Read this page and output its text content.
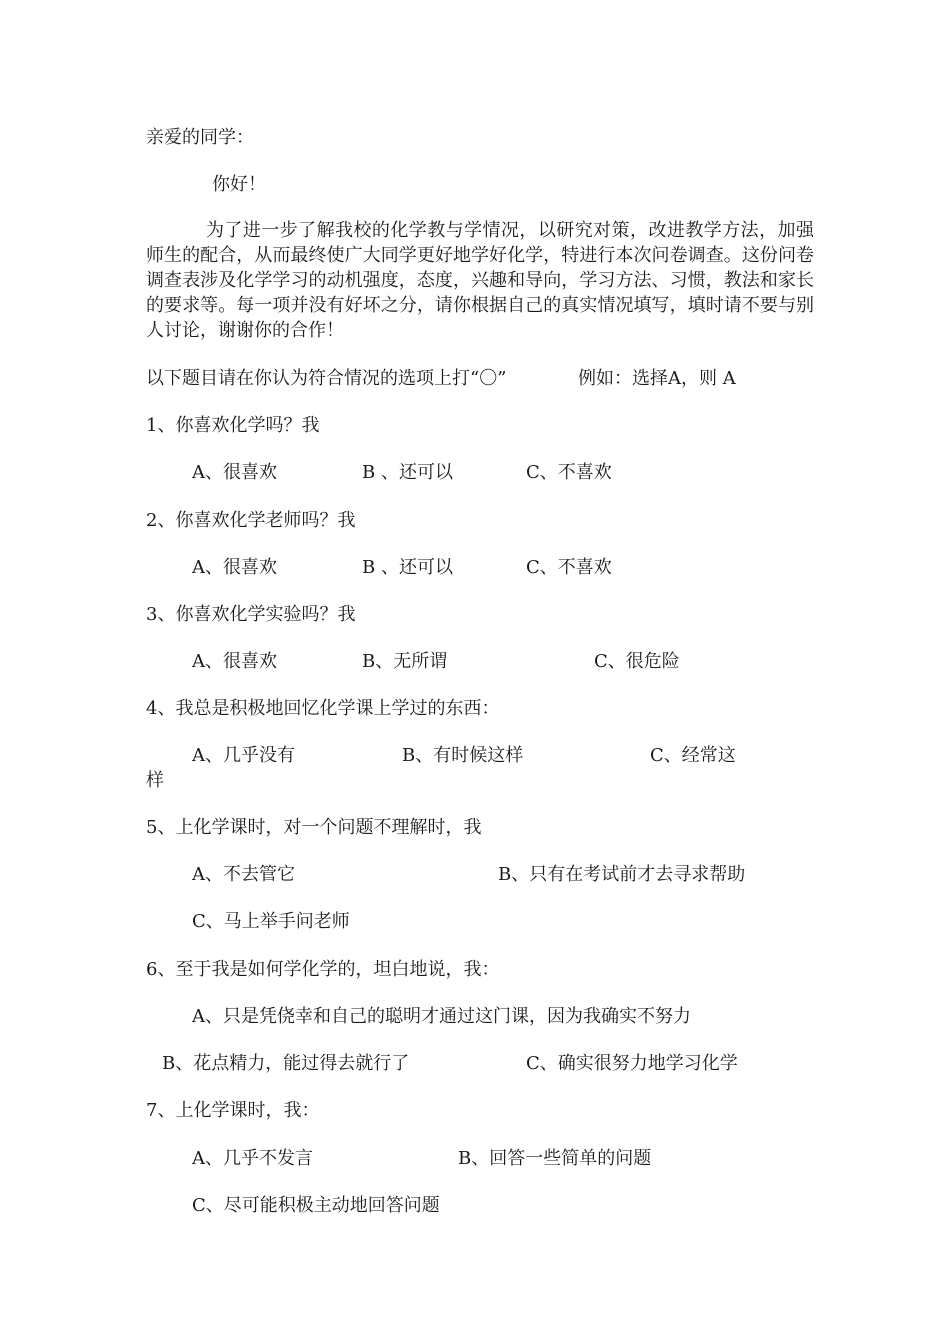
亲爱的同学：
你好！
为了进一步了解我校的化学教与学情况，以研究对策，改进教学方法，加强师生的配合，从而最终使广大同学更好地学好化学，特进行本次问卷调查。这份问卷调查表涉及化学学习的动机强度，态度，兴趣和导向，学习方法、习惯，教法和家长的要求等。每一项并没有好坏之分，请你根据自己的真实情况填写，填时请不要与别人讨论，谢谢你的合作！
以下题目请在你认为符合情况的选项上打“〇”	例如：选择A，则 A
1、你喜欢化学吗？我
A、很喜欢	B 、还可以	C、不喜欢
2、你喜欢化学老师吗？我
A、很喜欢	B 、还可以	C、不喜欢
3、你喜欢化学实验吗？我
A、很喜欢	B、无所谓	C、很危险
4、我总是积极地回忆化学课上学过的东西：
A、几乎没有	B、有时候这样	C、经常这
样
5、上化学课时，对一个问题不理解时，我
A、不去管它	B、只有在考试前才去寻求帮助
C、马上举手问老师
6、至于我是如何学化学的，坦白地说，我：
A、只是凭侥幸和自己的聪明才通过这门课，因为我确实不努力
B、花点精力，能过得去就行了	C、确实很努力地学习化学
7、上化学课时，我：
A、几乎不发言	B、回答一些简单的问题
C、尽可能积极主动地回答问题
